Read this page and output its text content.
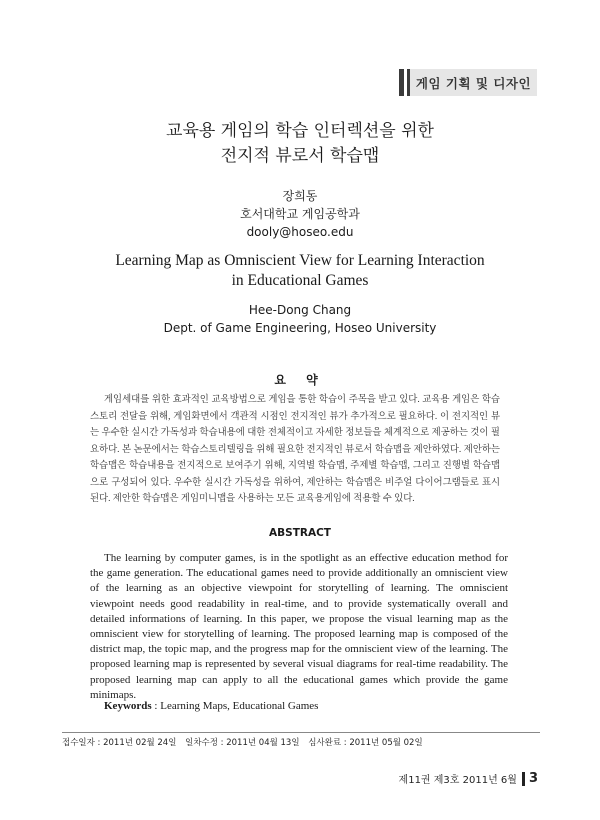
게임 기획 및 디자인
교육용 게임의 학습 인터렉션을 위한
전지적 뷰로서 학습맵
장희동
호서대학교 게임공학과
dooly@hoseo.edu
Learning Map as Omniscient View for Learning Interaction in Educational Games
Hee-Dong Chang
Dept. of Game Engineering, Hoseo University
요 약
게임세대를 위한 효과적인 교육방법으로 게임을 통한 학습이 주목을 받고 있다. 교육용 게임은 학습 스토리 전달을 위해, 게임화면에서 객관적 시점인 전지적인 뷰가 추가적으로 필요하다. 이 전지적인 뷰는 우수한 실시간 가독성과 학습내용에 대한 전체적이고 자세한 정보들을 체계적으로 제공하는 것이 필요하다. 본 논문에서는 학습스토리텔링을 위해 필요한 전지적인 뷰로서 학습맵을 제안하였다. 제안하는 학습맵은 학습내용을 전지적으로 보여주기 위해, 지역별 학습맵, 주제별 학습맵, 그리고 진행별 학습맵으로 구성되어 있다. 우수한 실시간 가독성을 위하여, 제안하는 학습맵은 비주얼 다이어그램들로 표시된다. 제안한 학습맵은 게임미니맵을 사용하는 모든 교육용게임에 적용할 수 있다.
ABSTRACT
The learning by computer games, is in the spotlight as an effective education method for the game generation. The educational games need to provide additionally an omniscient view of the learning as an objective viewpoint for storytelling of learning. The omniscient viewpoint needs good readability in real-time, and to provide systematically overall and detailed informations of learning. In this paper, we propose the visual learning map as the omniscient view for storytelling of learning. The proposed learning map is composed of the district map, the topic map, and the progress map for the omniscient view of the learning. The proposed learning map is represented by several visual diagrams for real-time readability. The proposed learning map can apply to all the educational games which provide the game minimaps.
Keywords : Learning Maps, Educational Games
접수일자 : 2011년 02월 24일 일차수정 : 2011년 04월 13일 심사완료 : 2011년 05월 02일
제11권 제3호 2011년 6월 3
